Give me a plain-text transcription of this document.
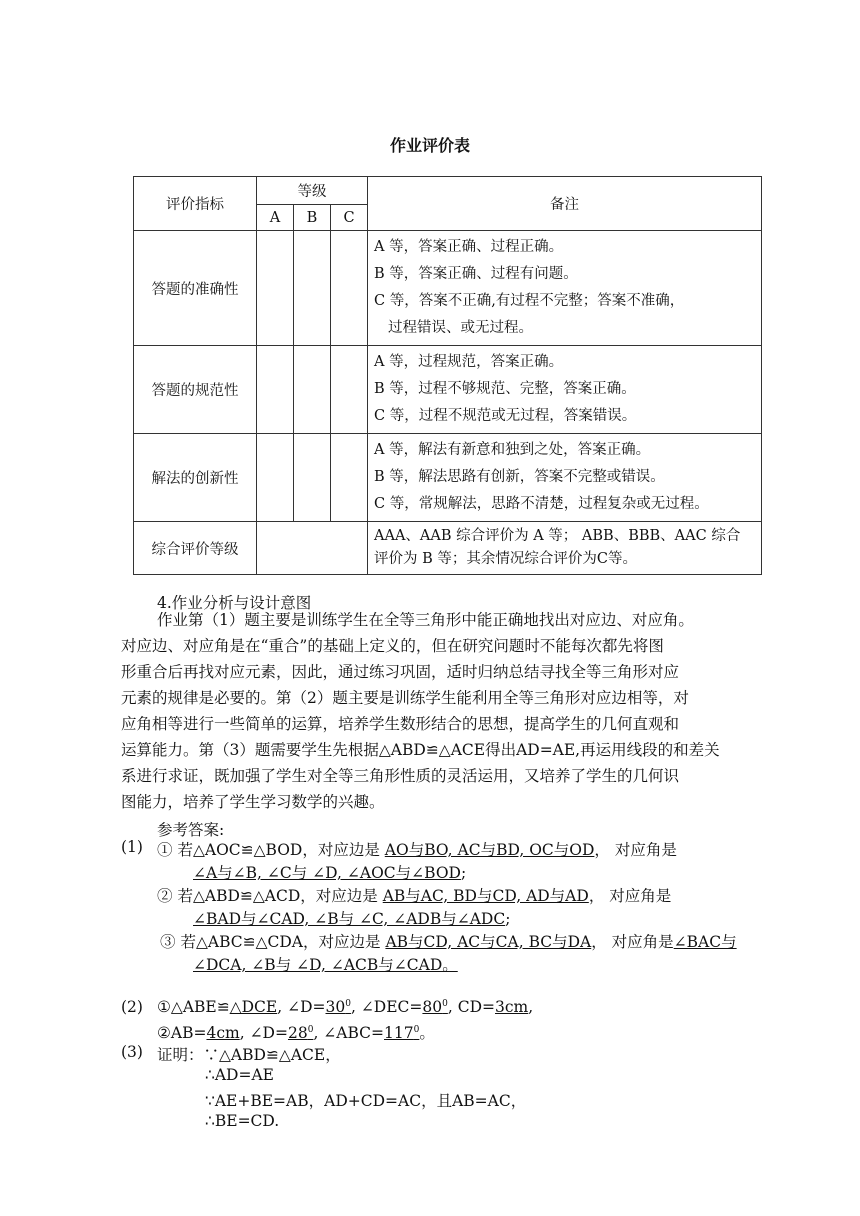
作业评价表
评价指标	等级			备注
	A	B	C	
答题的准确性				A 等，答案正确、过程正确。
B 等，答案正确、过程有问题。
C 等，答案不正确,有过程不完整；答案不准确，
过程错误、或无过程。

答题的规范性				A 等，过程规范，答案正确。
B 等，过程不够规范、完整，答案正确。
C 等，过程不规范或无过程，答案错误。

解法的创新性				A 等，解法有新意和独到之处，答案正确。
B 等，解法思路有创新，答案不完整或错误。
C 等，常规解法，思路不清楚，过程复杂或无过程。

综合评价等级				AAA、AAB 综合评价为 A 等； ABB、BBB、AAC 综合
评价为 B 等；其余情况综合评价为C等。
4.作业分析与设计意图
作业第（1）题主要是训练学生在全等三角形中能正确地找出对应边、对应角。
对应边、对应角是在“重合”的基础上定义的，但在研究问题时不能每次都先将图
形重合后再找对应元素，因此，通过练习巩固，适时归纳总结寻找全等三角形对应
元素的规律是必要的。第（2）题主要是训练学生能利用全等三角形对应边相等，对
应角相等进行一些简单的运算，培养学生数形结合的思想，提高学生的几何直观和
运算能力。第（3）题需要学生先根据△ABD≌△ACE得出AD=AE,再运用线段的和差关
系进行求证，既加强了学生对全等三角形性质的灵活运用，又培养了学生的几何识
图能力，培养了学生学习数学的兴趣。
参考答案:
(1) ① 若△AOC≌△BOD，对应边是 AO与BO, AC与BD, OC与OD， 对应角是
∠A与∠B, ∠C与 ∠D, ∠AOC与∠BOD;
② 若△ABD≌△ACD，对应边是 AB与AC, BD与CD, AD与AD， 对应角是
∠BAD与∠CAD, ∠B与 ∠C, ∠ADB与∠ADC;
③ 若△ABC≌△CDA，对应边是 AB与CD, AC与CA, BC与DA， 对应角是∠BAC与
∠DCA, ∠B与 ∠D, ∠ACB与∠CAD。
(2) ①△ABE≌△DCE, $\angle D=30^0$, $\angle DEC=80^0$, CD=3cm,
②AB=4cm, $\angle D=28^0$, $\angle ABC=117^0$。
(3) 证明：∵△ABD≌△ACE，
∴AD=AE
∵AE+BE=AB，AD+CD=AC，且AB=AC，
∴BE=CD.
